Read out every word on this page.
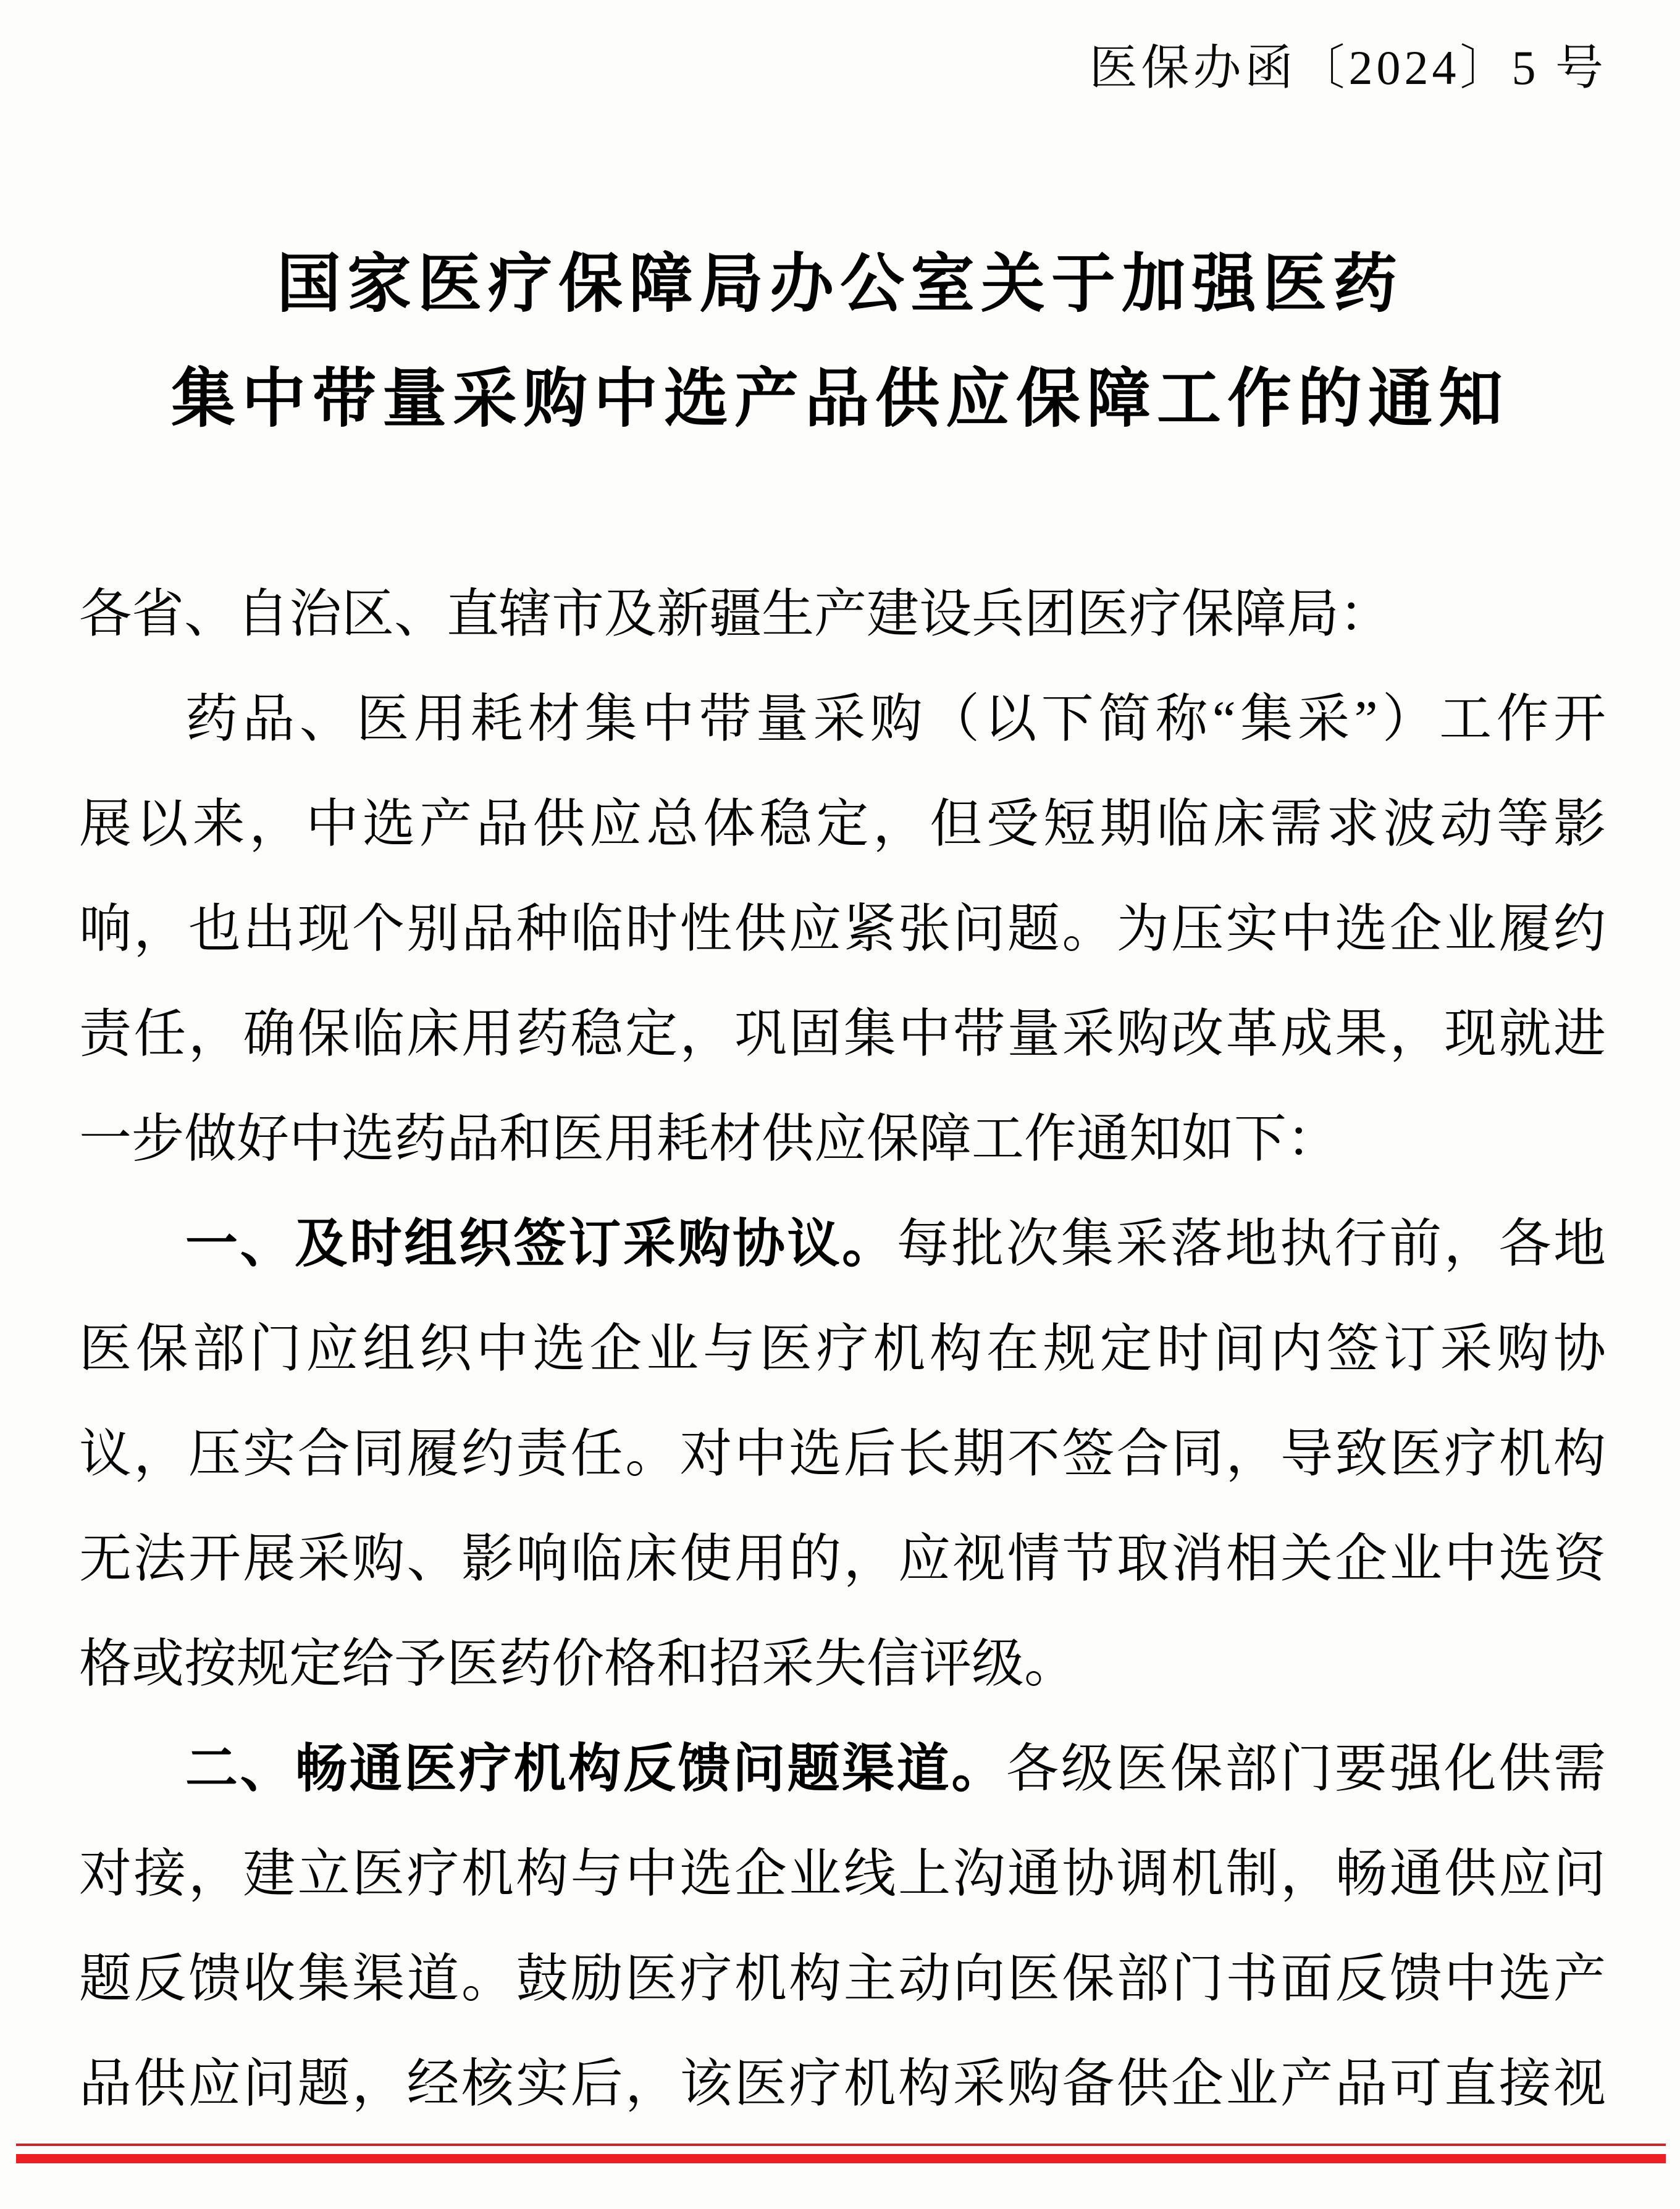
医保办函〔2024〕5 号
国家医疗保障局办公室关于加强医药
集中带量采购中选产品供应保障工作的通知
各省、自治区、直辖市及新疆生产建设兵团医疗保障局：
药品、医用耗材集中带量采购（以下简称“集采”）工作开
展以来，中选产品供应总体稳定，但受短期临床需求波动等影
响，也出现个别品种临时性供应紧张问题。为压实中选企业履约
责任，确保临床用药稳定，巩固集中带量采购改革成果，现就进
一步做好中选药品和医用耗材供应保障工作通知如下：
一、及时组织签订采购协议。每批次集采落地执行前，各地
医保部门应组织中选企业与医疗机构在规定时间内签订采购协
议，压实合同履约责任。对中选后长期不签合同，导致医疗机构
无法开展采购、影响临床使用的，应视情节取消相关企业中选资
格或按规定给予医药价格和招采失信评级。
二、畅通医疗机构反馈问题渠道。各级医保部门要强化供需
对接，建立医疗机构与中选企业线上沟通协调机制，畅通供应问
题反馈收集渠道。鼓励医疗机构主动向医保部门书面反馈中选产
品供应问题，经核实后，该医疗机构采购备供企业产品可直接视
